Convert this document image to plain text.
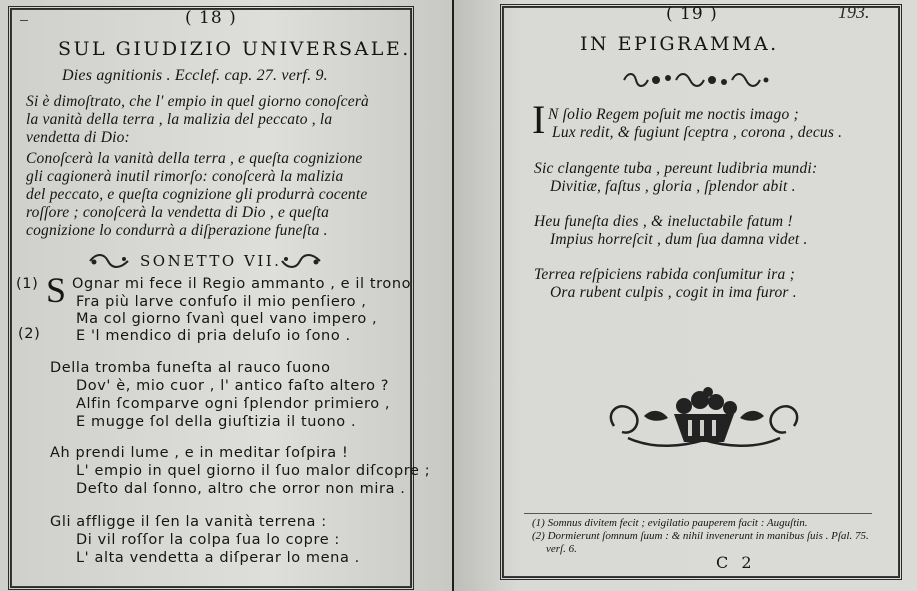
( 18 )
SUL GIUDIZIO UNIVERSALE.
Dies agnitionis . Ecclef. cap. 27. verf. 9.
Si è dimoſtrato, che l' empio in quel giorno conoſcerà
la vanità della terra , la malizia del peccato , la
vendetta di Dio:
Conoſcerà la vanità della terra , e queſta cognizione
gli cagionerà inutil rimorſo: conoſcerà la malizia
del peccato, e queſta cognizione gli produrrà cocente
roſſore ; conoſcerà la vendetta di Dio , e queſta
cognizione lo condurrà a diſperazione funeſta .
SONETTO VII.
(1)
(2)
S Ognar mi fece il Regio ammanto , e il trono
Fra più larve confuſo il mio penſiero ,
Ma col giorno ſvanì quel vano impero ,
E 'l mendico di pria deluſo io ſono .
Della tromba funeſta al rauco ſuono
Dov' è, mio cuor , l' antico faſto altero ?
Alfin ſcomparve ogni ſplendor primiero ,
E mugge ſol della giuſtizia il tuono .
Ah prendi lume , e in meditar ſoſpira !
L' empio in quel giorno il ſuo malor diſcopre ;
Deſto dal ſonno, altro che orror non mira .
Gli affligge il ſen la vanità terrena :
Di vil roſſor la colpa ſua lo copre :
L' alta vendetta a diſperar lo mena .
( 19 )	193.
IN EPIGRAMMA.
I N ſolio Regem poſuit me noctis imago ;
Lux redit, & fugiunt ſceptra , corona , decus .
Sic clangente tuba , pereunt ludibria mundi:
Divitiæ, faſtus , gloria , ſplendor abit .
Heu funeſta dies , & ineluctabile fatum !
Impius horreſcit , dum ſua damna videt .
Terrea reſpiciens rabida conſumitur ira ;
Ora rubent culpis , cogit in ima furor .
(1) Somnus divitem fecit ; evigilatio pauperem facit : Auguſtin.
(2) Dormierunt ſomnum ſuum : & nihil invenerunt in manibus ſuis . Pſal. 75.
verſ. 6.
C 2
